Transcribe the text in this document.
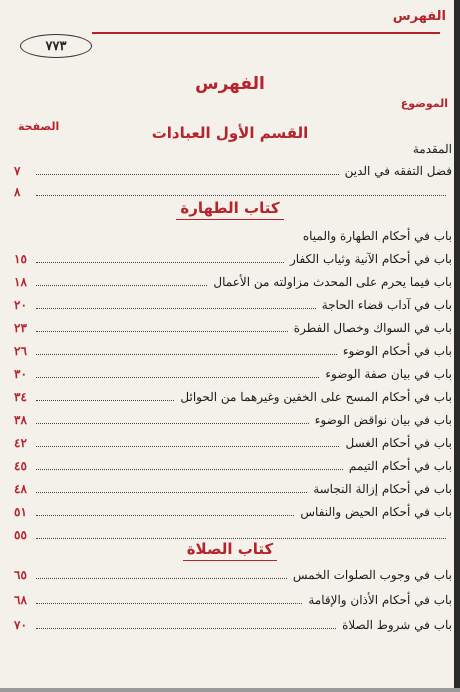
الفهرس
٧٧٣
الفهرس
الموضوع
الصفحة	القسم الأول العبادات
كتاب الطهارة
كتاب الصلاة
المقدمة
فضل التفقه في الدين
٧
٨
باب في أحكام الطهارة والمياه
باب في أحكام الآنية وثياب الكفار
١٥
باب فيما يحرم على المحدث مزاولته من الأعمال
١٨
باب في آداب قضاء الحاجة
٢٠
باب في السواك وخصال الفطرة
٢٣
باب في أحكام الوضوء
٢٦
باب في بيان صفة الوضوء
٣٠
باب في أحكام المسح على الخفين وغيرهما من الحوائل
٣٤
باب في بيان نواقض الوضوء
٣٨
باب في أحكام الغسل
٤٢
باب في أحكام التيمم
٤٥
باب في أحكام إزالة النجاسة
٤٨
باب في أحكام الحيض والنفاس
٥١
٥٥
باب في وجوب الصلوات الخمس
٦٥
باب في أحكام الأذان والإقامة
٦٨
باب في شروط الصلاة
٧٠
